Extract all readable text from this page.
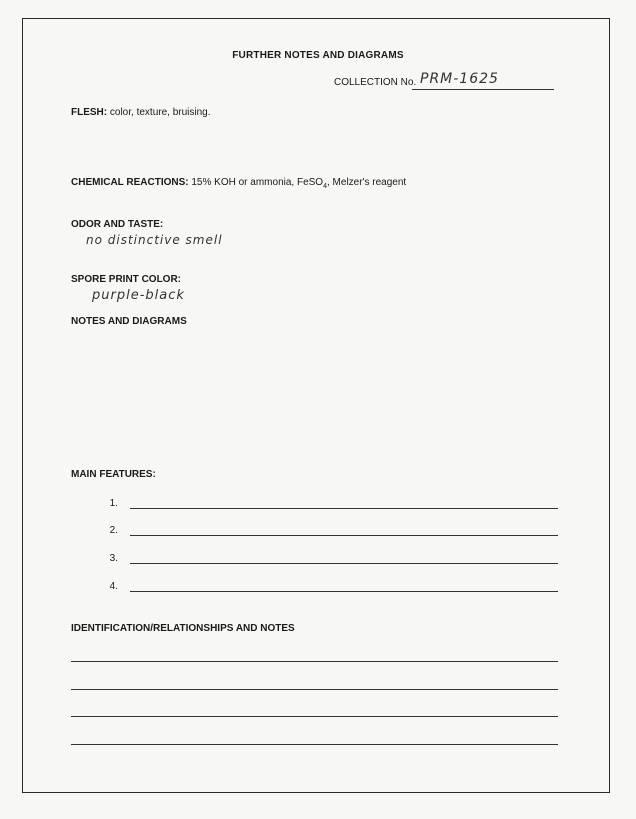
FURTHER NOTES AND DIAGRAMS
COLLECTION No. PRM-1625
FLESH: color, texture, bruising.
CHEMICAL REACTIONS: 15% KOH or ammonia, FeSO$_4$, Melzer's reagent
ODOR AND TASTE:
no distinctive smell
SPORE PRINT COLOR:
purple-black
NOTES AND DIAGRAMS
MAIN FEATURES:
1.
2.
3.
4.
IDENTIFICATION/RELATIONSHIPS AND NOTES
